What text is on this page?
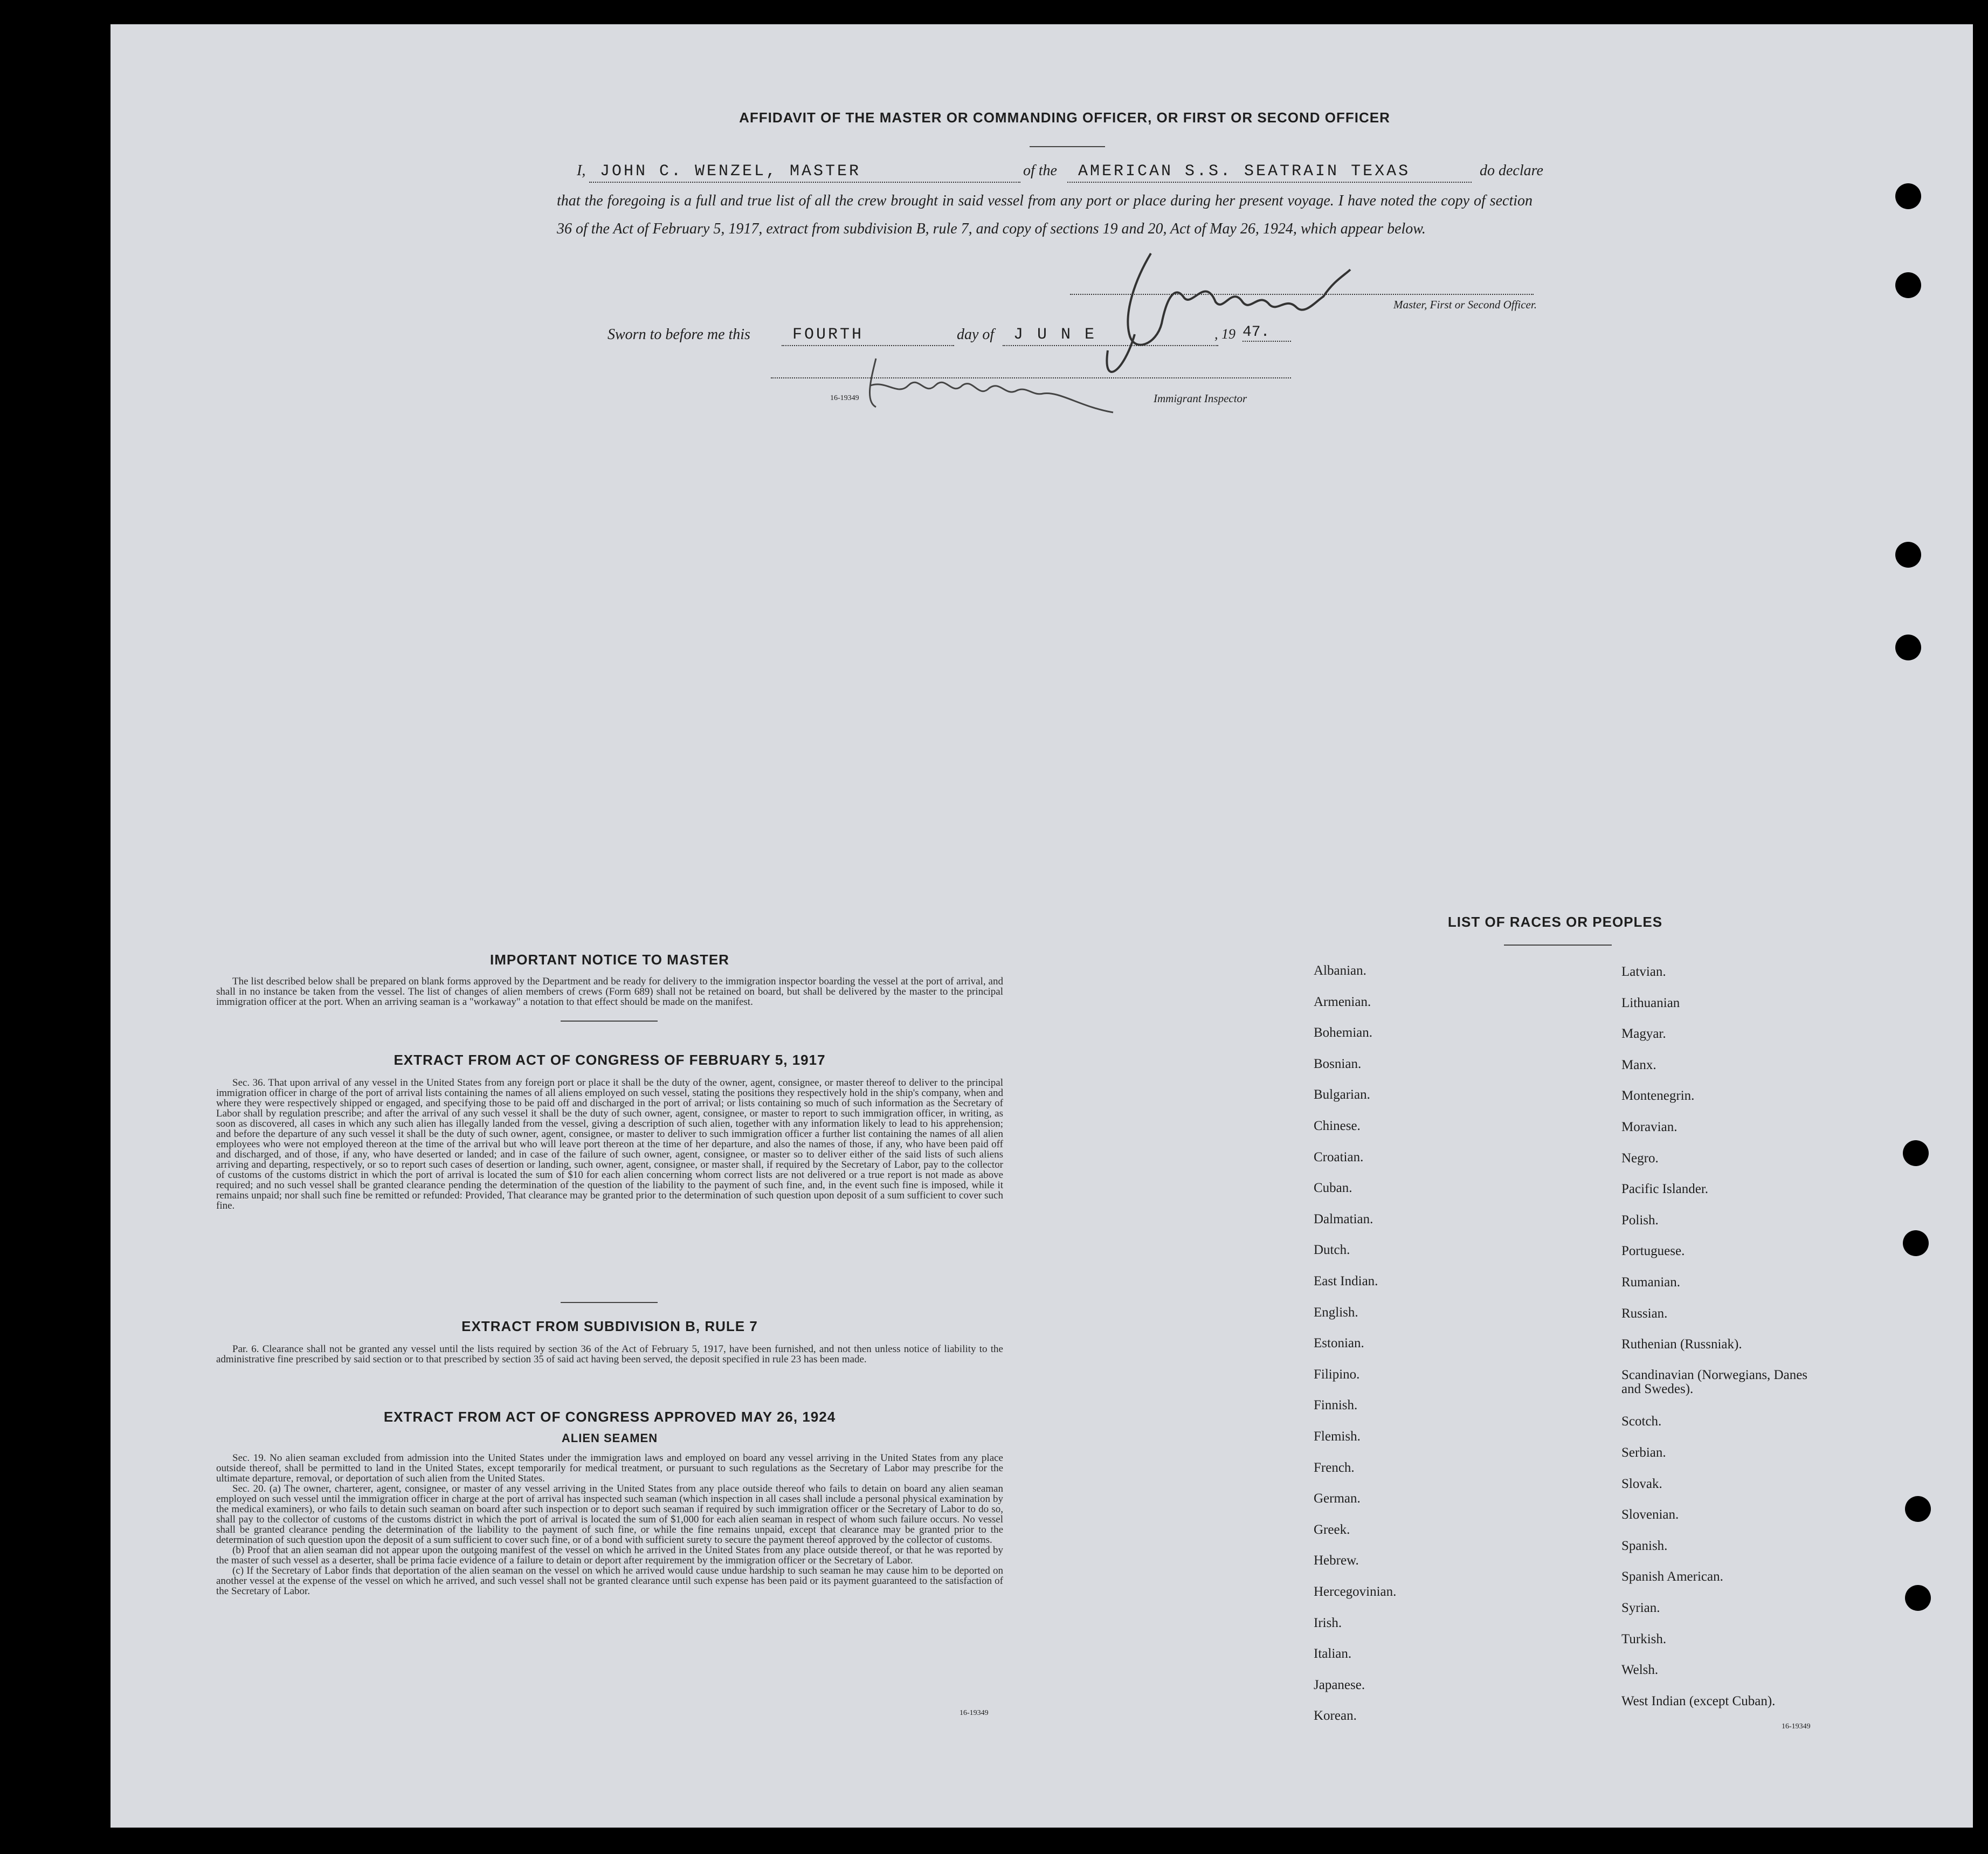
AFFIDAVIT OF THE MASTER OR COMMANDING OFFICER, OR FIRST OR SECOND OFFICER
I, JOHN C. WENZEL, MASTER	of the AMERICAN S.S. SEATRAIN TEXAS	do declare
that the foregoing is a full and true list of all the crew brought in said vessel from any port or place during her present voyage. I have noted the copy of section 36 of the Act of February 5, 1917, extract from subdivision B, rule 7, and copy of sections 19 and 20, Act of May 26, 1924, which appear below.
Master, First or Second Officer.
Sworn to before me this	FOURTH	day of J U N E	, 19 47.
16-19349	Immigrant Inspector
IMPORTANT NOTICE TO MASTER

The list described below shall be prepared on blank forms approved by the Department and be ready for delivery to the immigration inspector boarding the vessel at the port of arrival, and shall in no instance be taken from the vessel. The list of changes of alien members of crews (Form 689) shall not be retained on board, but shall be delivered by the master to the principal immigration officer at the port. When an arriving seaman is a "workaway" a notation to that effect should be made on the manifest.

EXTRACT FROM ACT OF CONGRESS OF FEBRUARY 5, 1917

Sec. 36. That upon arrival of any vessel in the United States from any foreign port or place it shall be the duty of the owner, agent, consignee, or master thereof to deliver to the principal immigration officer in charge of the port of arrival lists containing the names of all aliens employed on such vessel, stating the positions they respectively hold in the ship's company, when and where they were respectively shipped or engaged, and specifying those to be paid off and discharged in the port of arrival; or lists containing so much of such information as the Secretary of Labor shall by regulation prescribe; and after the arrival of any such vessel it shall be the duty of such owner, agent, consignee, or master to report to such immigration officer, in writing, as soon as discovered, all cases in which any such alien has illegally landed from the vessel, giving a description of such alien, together with any information likely to lead to his apprehension; and before the departure of any such vessel it shall be the duty of such owner, agent, consignee, or master to deliver to such immigration officer a further list containing the names of all alien employees who were not employed thereon at the time of the arrival but who will leave port thereon at the time of her departure, and also the names of those, if any, who have been paid off and discharged, and of those, if any, who have deserted or landed; and in case of the failure of such owner, agent, consignee, or master so to deliver either of the said lists of such aliens arriving and departing, respectively, or so to report such cases of desertion or landing, such owner, agent, consignee, or master shall, if required by the Secretary of Labor, pay to the collector of customs of the customs district in which the port of arrival is located the sum of $10 for each alien concerning whom correct lists are not delivered or a true report is not made as above required; and no such vessel shall be granted clearance pending the determination of the question of the liability to the payment of such fine, and, in the event such fine is imposed, while it remains unpaid; nor shall such fine be remitted or refunded: Provided, That clearance may be granted prior to the determination of such question upon deposit of a sum sufficient to cover such fine.

EXTRACT FROM SUBDIVISION B, RULE 7

Par. 6. Clearance shall not be granted any vessel until the lists required by section 36 of the Act of February 5, 1917, have been furnished, and not then unless notice of liability to the administrative fine prescribed by said section or to that prescribed by section 35 of said act having been served, the deposit specified in rule 23 has been made.

EXTRACT FROM ACT OF CONGRESS APPROVED MAY 26, 1924
ALIEN SEAMEN

Sec. 19. No alien seaman excluded from admission into the United States under the immigration laws and employed on board any vessel arriving in the United States from any place outside thereof, shall be permitted to land in the United States, except temporarily for medical treatment, or pursuant to such regulations as the Secretary of Labor may prescribe for the ultimate departure, removal, or deportation of such alien from the United States.

Sec. 20. (a) The owner, charterer, agent, consignee, or master of any vessel arriving in the United States from any place outside thereof who fails to detain on board any alien seaman employed on such vessel until the immigration officer in charge at the port of arrival has inspected such seaman (which inspection in all cases shall include a personal physical examination by the medical examiners), or who fails to detain such seaman on board after such inspection or to deport such seaman if required by such immigration officer or the Secretary of Labor to do so, shall pay to the collector of customs of the customs district in which the port of arrival is located the sum of $1,000 for each alien seaman in respect of whom such failure occurs. No vessel shall be granted clearance pending the determination of the liability to the payment of such fine, or while the fine remains unpaid, except that clearance may be granted prior to the determination of such question upon the deposit of a sum sufficient to cover such fine, or of a bond with sufficient surety to secure the payment thereof approved by the collector of customs.

(b) Proof that an alien seaman did not appear upon the outgoing manifest of the vessel on which he arrived in the United States from any place outside thereof, or that he was reported by the master of such vessel as a deserter, shall be prima facie evidence of a failure to detain or deport after requirement by the immigration officer or the Secretary of Labor.

(c) If the Secretary of Labor finds that deportation of the alien seaman on the vessel on which he arrived would cause undue hardship to such seaman he may cause him to be deported on another vessel at the expense of the vessel on which he arrived, and such vessel shall not be granted clearance until such expense has been paid or its payment guaranteed to the satisfaction of the Secretary of Labor.

16-19349
LIST OF RACES OR PEOPLES
Albanian.
Armenian.
Bohemian.
Bosnian.
Bulgarian.
Chinese.
Croatian.
Cuban.
Dalmatian.
Dutch.
East Indian.
English.
Estonian.
Filipino.
Finnish.
Flemish.
French.
German.
Greek.
Hebrew.
Hercegovinian.
Irish.
Italian.
Japanese.
Korean.
Latvian.
Lithuanian
Magyar.
Manx.
Montenegrin.
Moravian.
Negro.
Pacific Islander.
Polish.
Portuguese.
Rumanian.
Russian.
Ruthenian (Russniak).
Scandinavian (Norwegians, Danes and Swedes).
Scotch.
Serbian.
Slovak.
Slovenian.
Spanish.
Spanish American.
Syrian.
Turkish.
Welsh.
West Indian (except Cuban).
16-19349
